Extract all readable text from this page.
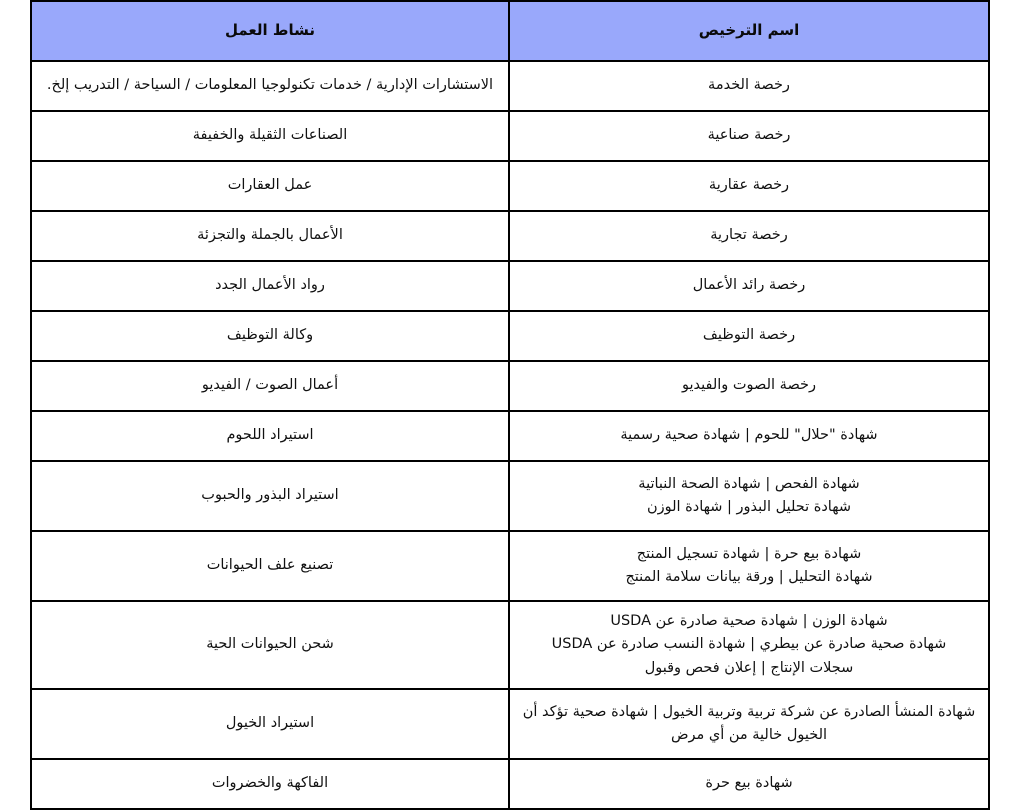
اسم الترخيص	نشاط العمل
رخصة الخدمة	الاستشارات الإدارية / خدمات تكنولوجيا المعلومات / السياحة / التدريب إلخ.
رخصة صناعية	الصناعات الثقيلة والخفيفة
رخصة عقارية	عمل العقارات
رخصة تجارية	الأعمال بالجملة والتجزئة
رخصة رائد الأعمال	رواد الأعمال الجدد
رخصة التوظيف	وكالة التوظيف
رخصة الصوت والفيديو	أعمال الصوت / الفيديو
شهادة "حلال" للحوم | شهادة صحية رسمية	استيراد اللحوم

شهادة الفحص | شهادة الصحة النباتية
شهادة تحليل البذور | شهادة الوزن	استيراد البذور والحبوب

شهادة بيع حرة | شهادة تسجيل المنتج
شهادة التحليل | ورقة بيانات سلامة المنتج	تصنيع علف الحيوانات

شهادة الوزن | شهادة صحية صادرة عن USDA
شهادة صحية صادرة عن بيطري | شهادة النسب صادرة عن USDA
سجلات الإنتاج | إعلان فحص وقبول	شحن الحيوانات الحية

شهادة المنشأ الصادرة عن شركة تربية وتربية الخيول | شهادة صحية تؤكد أن
الخيول خالية من أي مرض	استيراد الخيول
شهادة بيع حرة	الفاكهة والخضروات
